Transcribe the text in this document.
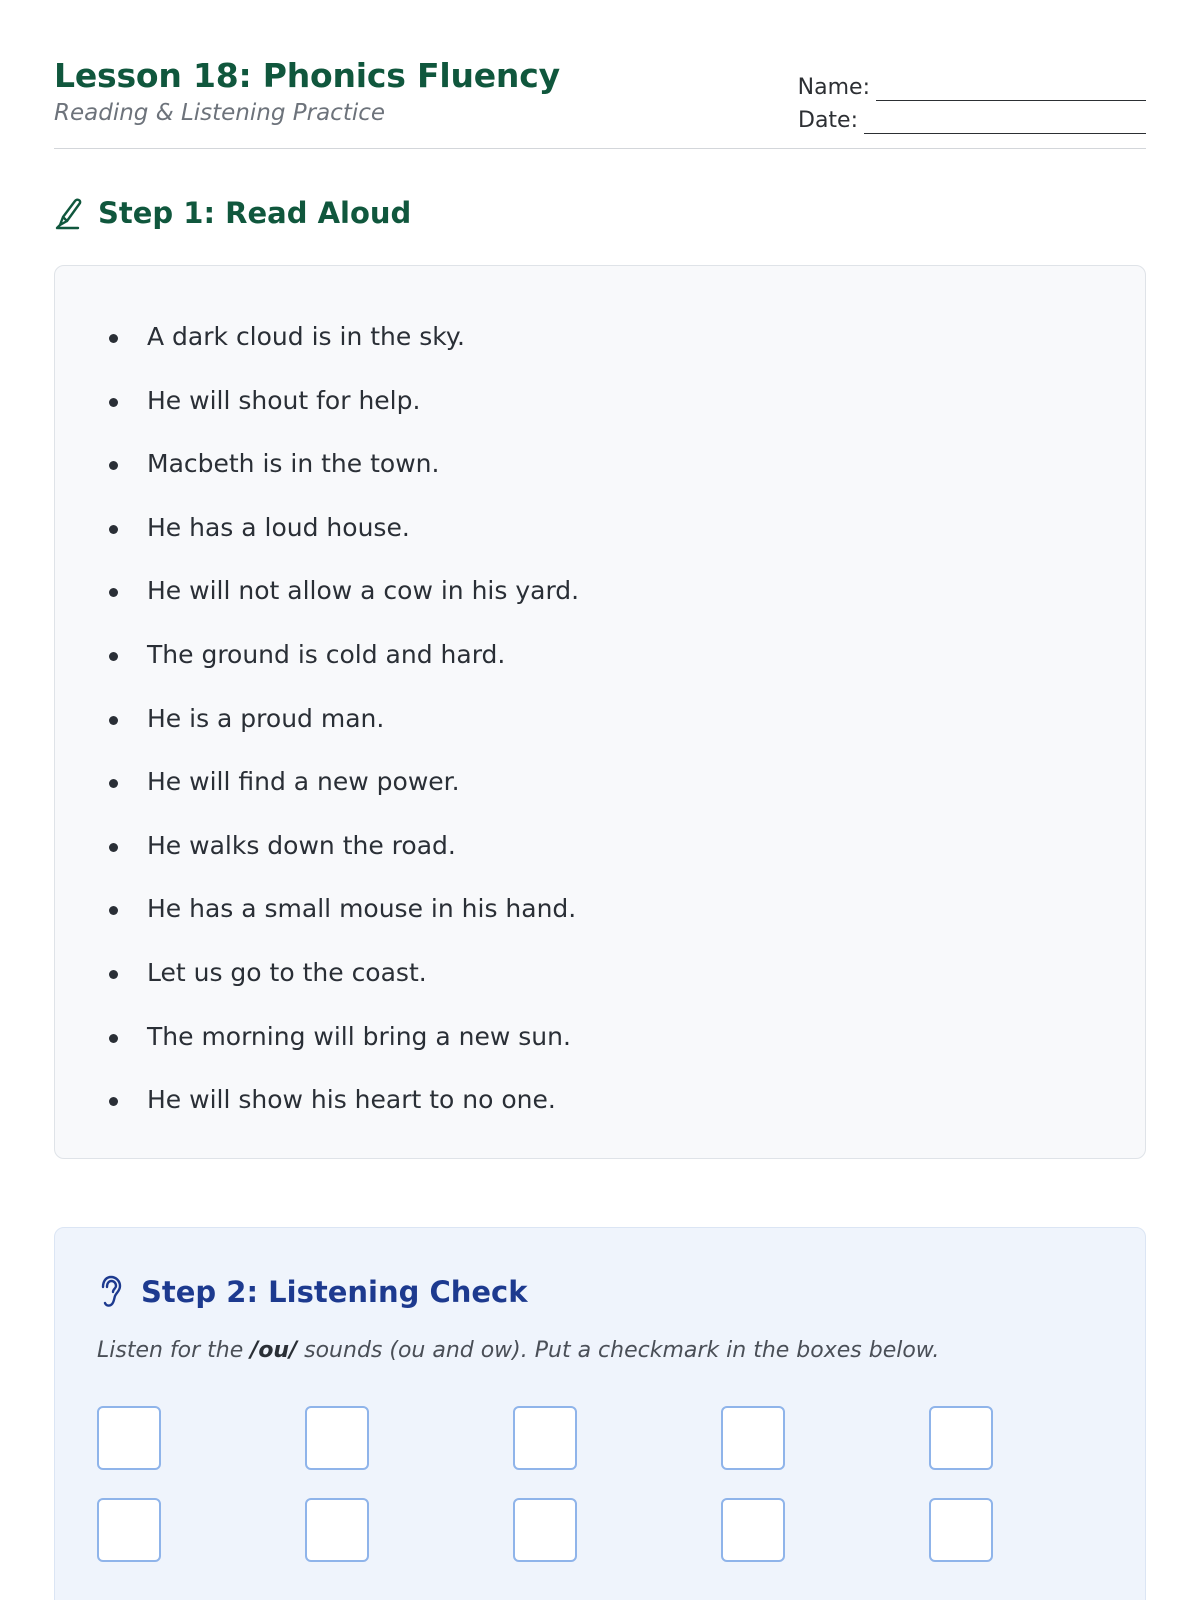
Lesson 18: Phonics Fluency
Reading & Listening Practice
Name:
Date:
Step 1: Read Aloud
A dark cloud is in the sky.
He will shout for help.
Macbeth is in the town.
He has a loud house.
He will not allow a cow in his yard.
The ground is cold and hard.
He is a proud man.
He will find a new power.
He walks down the road.
He has a small mouse in his hand.
Let us go to the coast.
The morning will bring a new sun.
He will show his heart to no one.
Step 2: Listening Check
Listen for the /ou/ sounds (ou and ow). Put a checkmark in the boxes below.
